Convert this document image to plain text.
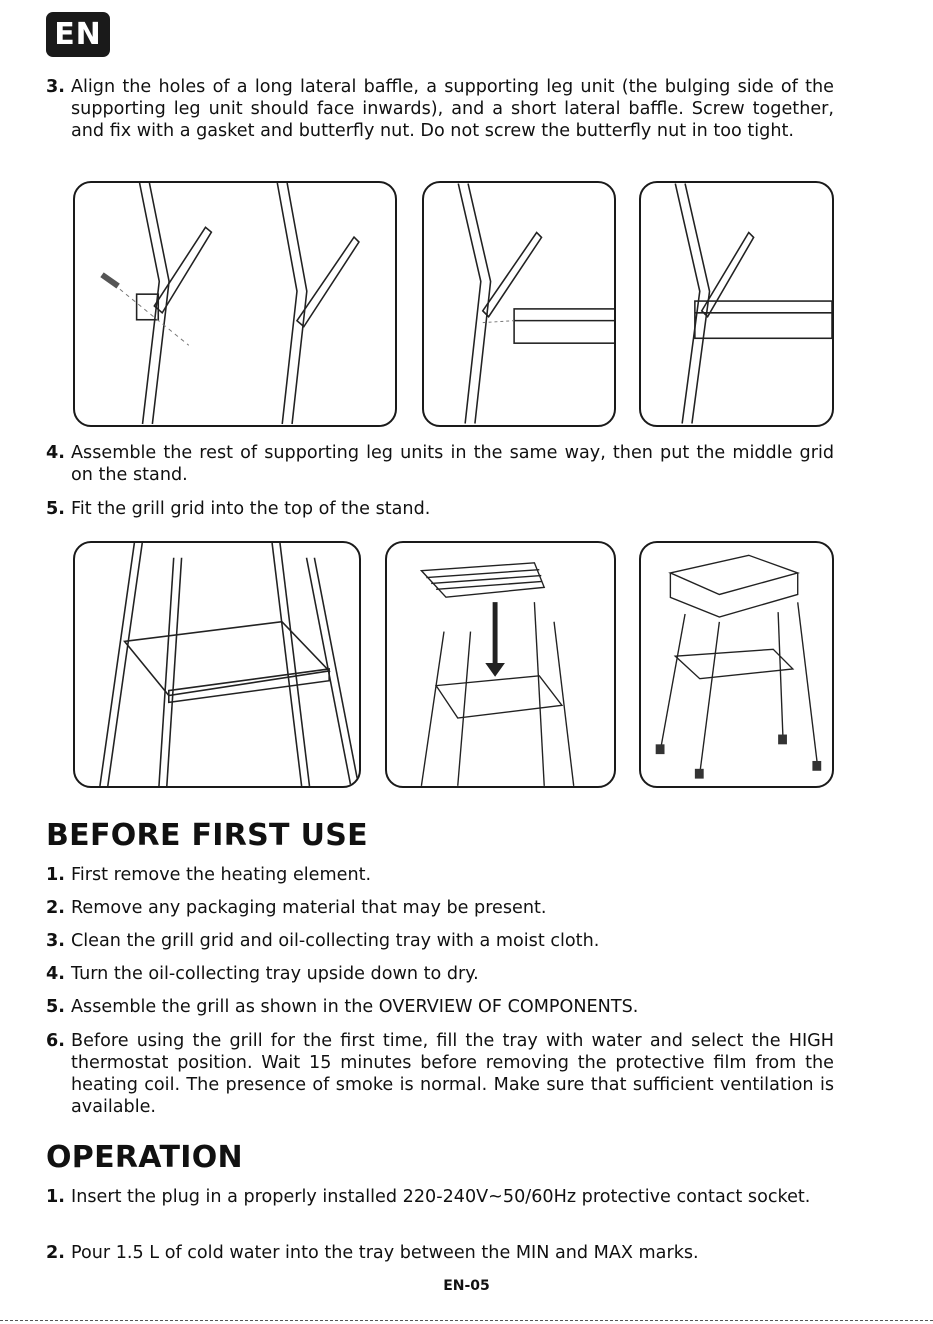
EN
3. Align the holes of a long lateral baffle, a supporting leg unit (the bulging side of the supporting leg unit should face inwards), and a short lateral baffle. Screw together, and fix with a gasket and butterfly nut. Do not screw the butterfly nut in too tight.
4. Assemble the rest of supporting leg units in the same way, then put the middle grid on the stand.
5. Fit the grill grid into the top of the stand.
BEFORE FIRST USE
1. First remove the heating element.
2. Remove any packaging material that may be present.
3. Clean the grill grid and oil-collecting tray with a moist cloth.
4. Turn the oil-collecting tray upside down to dry.
5. Assemble the grill as shown in the OVERVIEW OF COMPONENTS.
6. Before using the grill for the first time, fill the tray with water and select the HIGH thermostat position. Wait 15 minutes before removing the protective film from the heating coil. The presence of smoke is normal. Make sure that sufficient ventilation is available.
OPERATION
1. Insert the plug in a properly installed 220-240V~50/60Hz protective contact socket.
2. Pour 1.5 L of cold water into the tray between the MIN and MAX marks.
EN-05
